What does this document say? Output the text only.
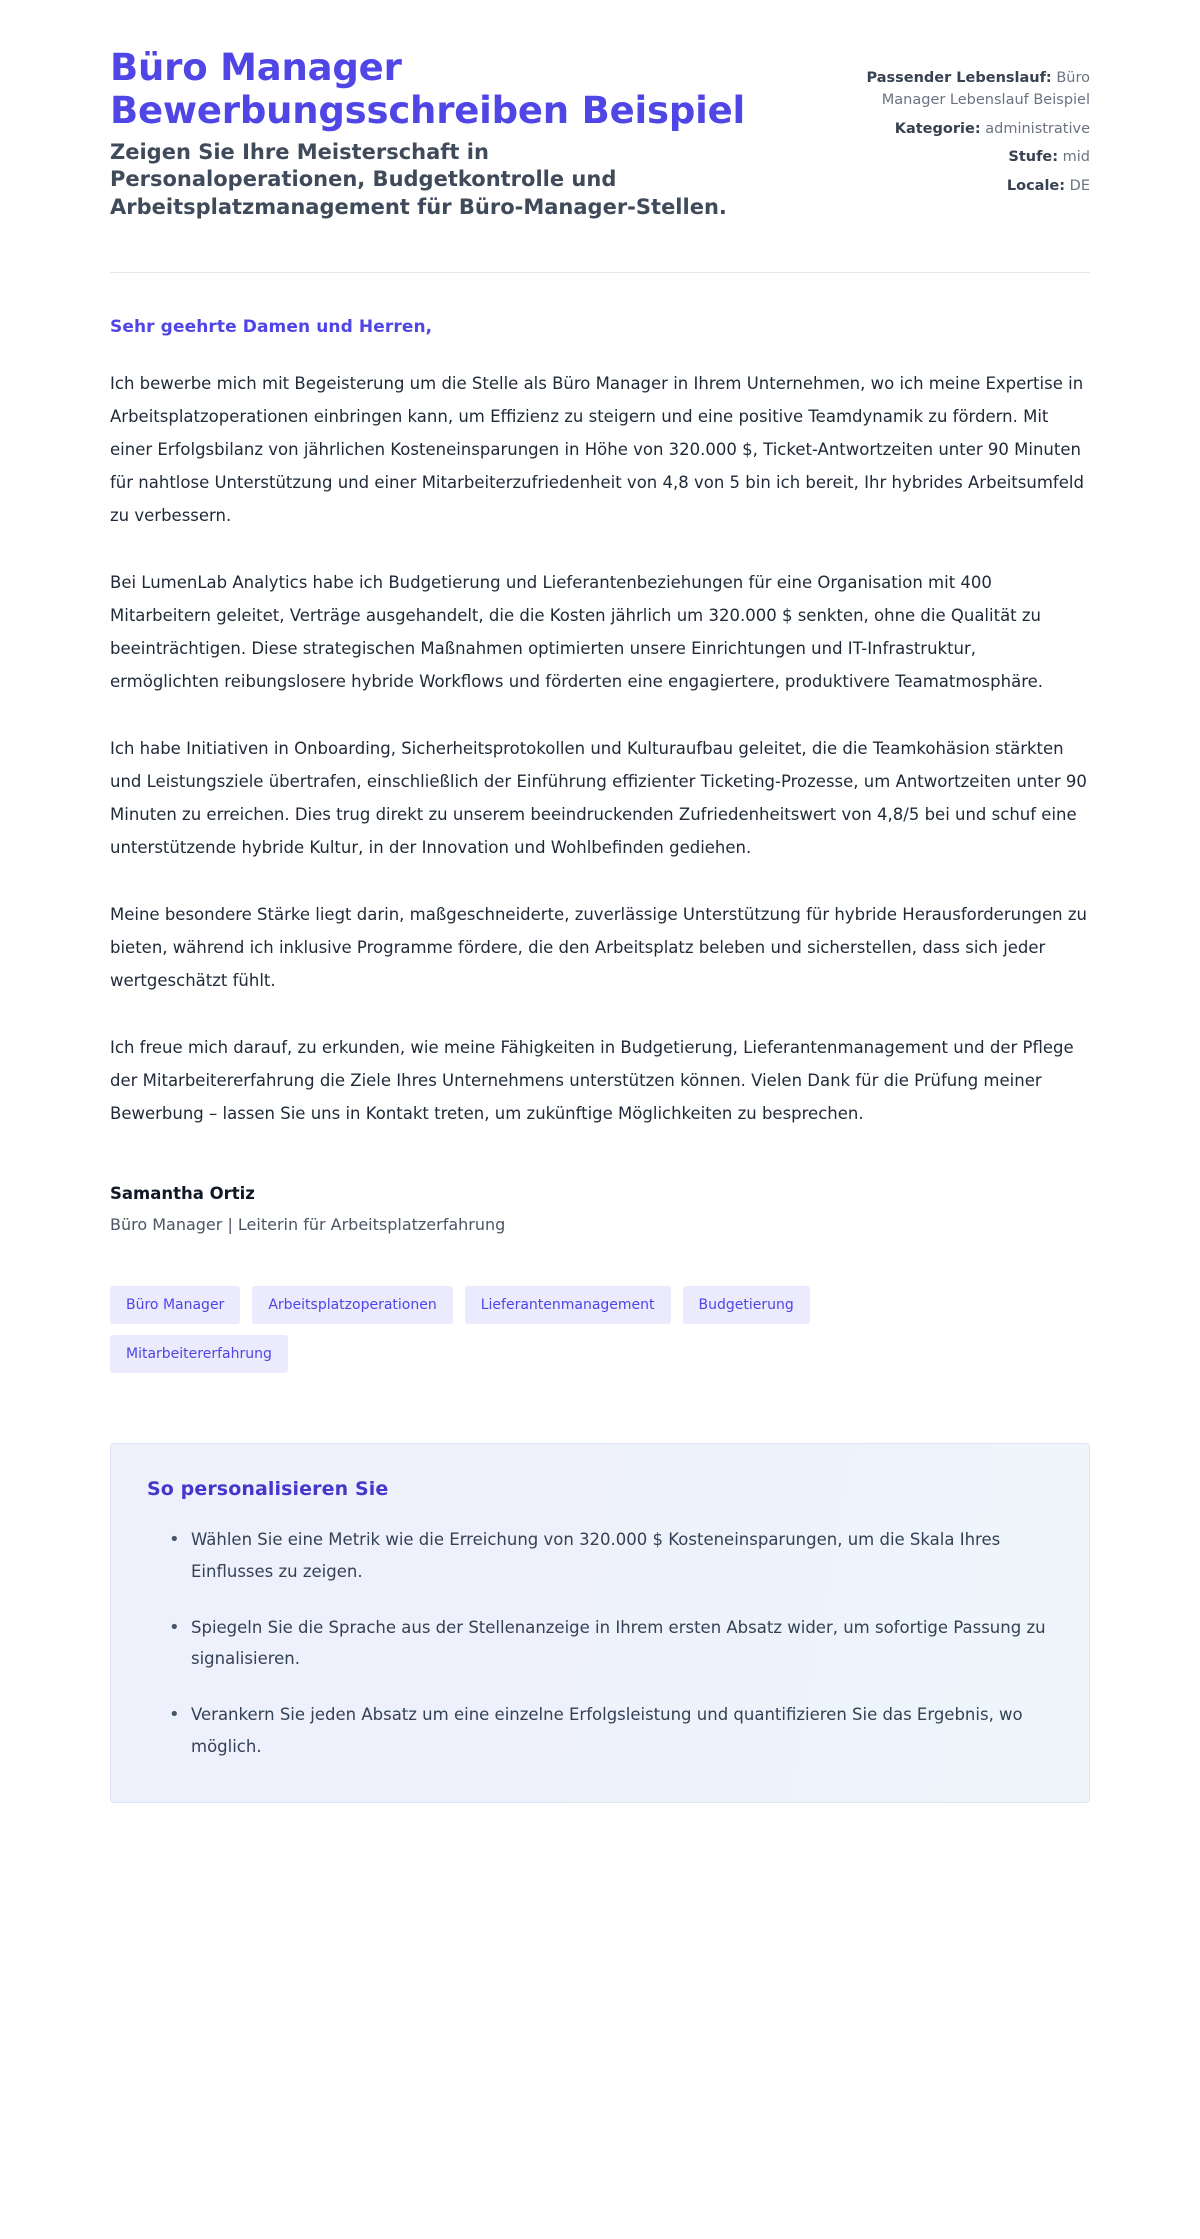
Büro Manager Bewerbungsschreiben Beispiel

Zeigen Sie Ihre Meisterschaft in Personaloperationen, Budgetkontrolle und Arbeitsplatzmanagement für Büro-Manager-Stellen.

Passender Lebenslauf: Büro Manager Lebenslauf Beispiel

Kategorie: administrative

Stufe: mid

Locale: DE

Sehr geehrte Damen und Herren,

Ich bewerbe mich mit Begeisterung um die Stelle als Büro Manager in Ihrem Unternehmen, wo ich meine Expertise in Arbeitsplatzoperationen einbringen kann, um Effizienz zu steigern und eine positive Teamdynamik zu fördern. Mit einer Erfolgsbilanz von jährlichen Kosteneinsparungen in Höhe von 320.000 $, Ticket-Antwortzeiten unter 90 Minuten für nahtlose Unterstützung und einer Mitarbeiterzufriedenheit von 4,8 von 5 bin ich bereit, Ihr hybrides Arbeitsumfeld zu verbessern.

Bei LumenLab Analytics habe ich Budgetierung und Lieferantenbeziehungen für eine Organisation mit 400 Mitarbeitern geleitet, Verträge ausgehandelt, die die Kosten jährlich um 320.000 $ senkten, ohne die Qualität zu beeinträchtigen. Diese strategischen Maßnahmen optimierten unsere Einrichtungen und IT-Infrastruktur, ermöglichten reibungslosere hybride Workflows und förderten eine engagiertere, produktivere Teamatmosphäre.

Ich habe Initiativen in Onboarding, Sicherheitsprotokollen und Kulturaufbau geleitet, die die Teamkohäsion stärkten und Leistungsziele übertrafen, einschließlich der Einführung effizienter Ticketing-Prozesse, um Antwortzeiten unter 90 Minuten zu erreichen. Dies trug direkt zu unserem beeindruckenden Zufriedenheitswert von 4,8/5 bei und schuf eine unterstützende hybride Kultur, in der Innovation und Wohlbefinden gediehen.

Meine besondere Stärke liegt darin, maßgeschneiderte, zuverlässige Unterstützung für hybride Herausforderungen zu bieten, während ich inklusive Programme fördere, die den Arbeitsplatz beleben und sicherstellen, dass sich jeder wertgeschätzt fühlt.

Ich freue mich darauf, zu erkunden, wie meine Fähigkeiten in Budgetierung, Lieferantenmanagement und der Pflege der Mitarbeitererfahrung die Ziele Ihres Unternehmens unterstützen können. Vielen Dank für die Prüfung meiner Bewerbung – lassen Sie uns in Kontakt treten, um zukünftige Möglichkeiten zu besprechen.

Samantha Ortiz

Büro Manager | Leiterin für Arbeitsplatzerfahrung

Büro Manager	Arbeitsplatzoperationen	Lieferantenmanagement	Budgetierung
Mitarbeitererfahrung

So personalisieren Sie

• Wählen Sie eine Metrik wie die Erreichung von 320.000 $ Kosteneinsparungen, um die Skala Ihres Einflusses zu zeigen.
• Spiegeln Sie die Sprache aus der Stellenanzeige in Ihrem ersten Absatz wider, um sofortige Passung zu signalisieren.
• Verankern Sie jeden Absatz um eine einzelne Erfolgsleistung und quantifizieren Sie das Ergebnis, wo möglich.
